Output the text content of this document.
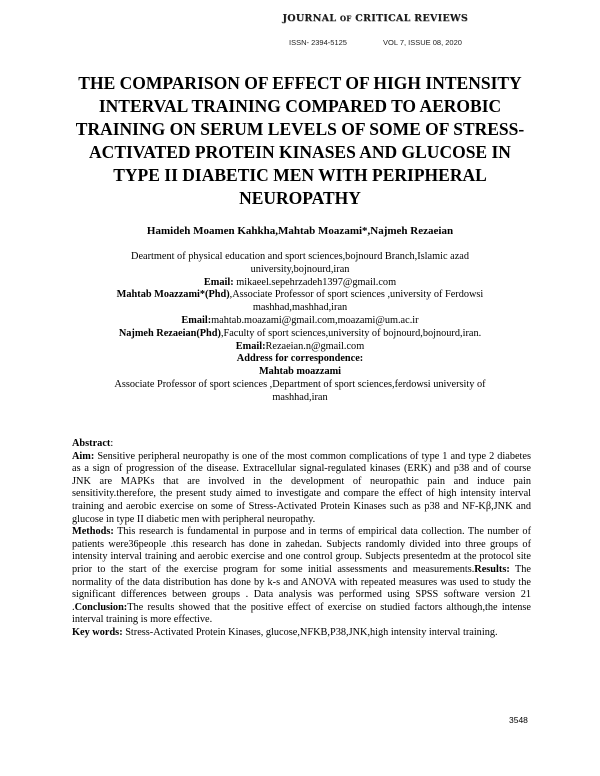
JOURNAL OF CRITICAL REVIEWS
ISSN- 2394-5125	VOL 7, ISSUE 08, 2020
THE COMPARISON OF EFFECT OF HIGH INTENSITY
INTERVAL TRAINING COMPARED TO AEROBIC
TRAINING ON SERUM LEVELS OF SOME OF STRESS-
ACTIVATED PROTEIN KINASES AND GLUCOSE IN
TYPE II DIABETIC MEN WITH PERIPHERAL
NEUROPATHY
Hamideh Moamen Kahkha,Mahtab Moazami*,Najmeh Rezaeian
Deartment of physical education and sport sciences,bojnourd Branch,Islamic azad
university,bojnourd,iran
Email: mikaeel.sepehrzadeh1397@gmail.com
Mahtab Moazzami*(Phd),Associate Professor of sport sciences ,university of Ferdowsi
mashhad,mashhad,iran
Email:mahtab.moazami@gmail.com,moazami@um.ac.ir
Najmeh Rezaeian(Phd),Faculty of sport sciences,university of bojnourd,bojnourd,iran.
Email:Rezaeian.n@gmail.com
Address for correspondence:
Mahtab moazzami
Associate Professor of sport sciences ,Department of sport sciences,ferdowsi university of
mashhad,iran

Abstract:

Aim: Sensitive peripheral neuropathy is one of the most common complications of type 1 and type 2 diabetes as a sign of progression of the disease. Extracellular signal-regulated kinases (ERK) and p38 and of course JNK are MAPKs that are involved in the development of neuropathic pain and induce pain sensitivity.therefore, the present study aimed to investigate and compare the effect of high intensity interval training and aerobic exercise on some of Stress-Activated Protein Kinases such as p38 and NF-Kβ,JNK and glucose in type II diabetic men with peripheral neuropathy.

Methods: This research is fundamental in purpose and in terms of empirical data collection. The number of patients were36people .this research has done in zahedan. Subjects randomly divided into three groups of intensity interval training and aerobic exercise and one control group. Subjects presentedm at the protocol site prior to the start of the exercise program for some initial assessments and measurements.Results: The normality of the data distribution has done by k-s and ANOVA with repeated measures was used to study the significant differences between groups . Data analysis was performed using SPSS software version 21 .Conclusion:The results showed that the positive effect of exercise on studied factors although,the intense interval training is more effective.

Key words: Stress-Activated Protein Kinases, glucose,NFKB,P38,JNK,high intensity interval training.

3548
